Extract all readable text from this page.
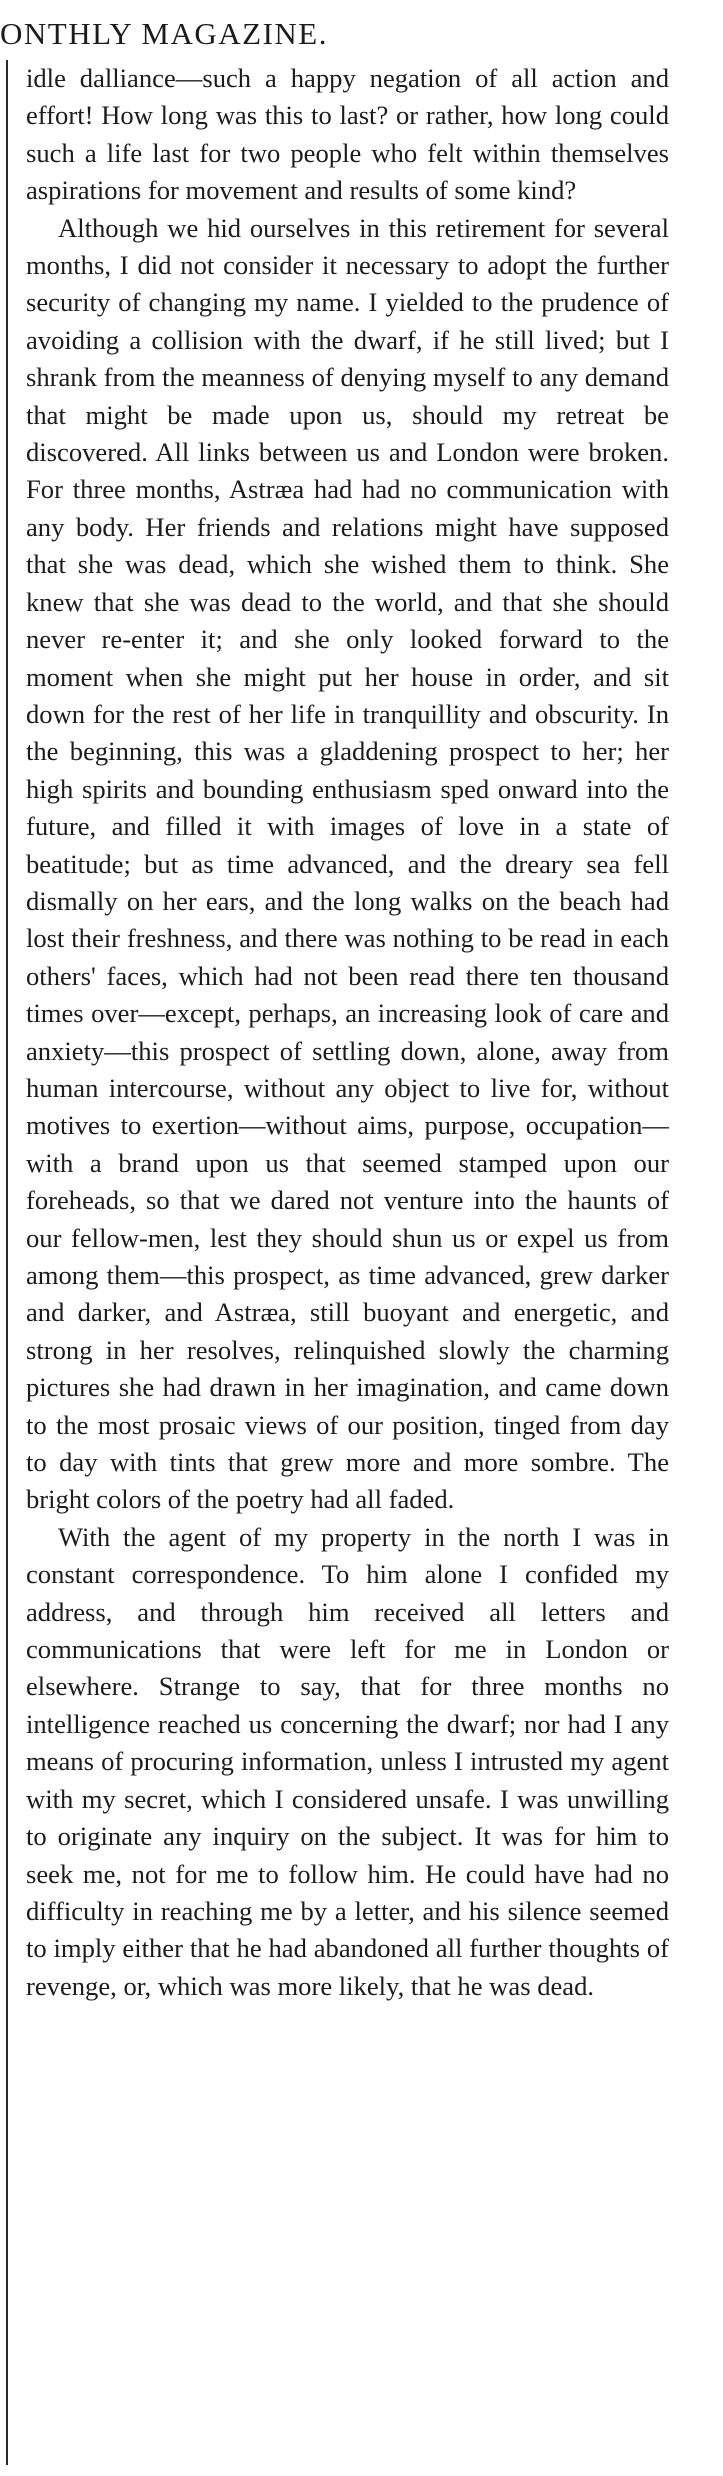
ONTHLY MAGAZINE.

idle dalliance—such a happy negation of all action and effort! How long was this to last? or rather, how long could such a life last for two people who felt within themselves aspirations for movement and results of some kind?

Although we hid ourselves in this retirement for several months, I did not consider it necessary to adopt the further security of changing my name. I yielded to the prudence of avoiding a collision with the dwarf, if he still lived; but I shrank from the meanness of denying myself to any demand that might be made upon us, should my retreat be discovered. All links between us and London were broken. For three months, Astræa had had no communication with any body. Her friends and relations might have supposed that she was dead, which she wished them to think. She knew that she was dead to the world, and that she should never re-enter it; and she only looked forward to the moment when she might put her house in order, and sit down for the rest of her life in tranquillity and obscurity. In the beginning, this was a gladdening prospect to her; her high spirits and bounding enthusiasm sped onward into the future, and filled it with images of love in a state of beatitude; but as time advanced, and the dreary sea fell dismally on her ears, and the long walks on the beach had lost their freshness, and there was nothing to be read in each others' faces, which had not been read there ten thousand times over—except, perhaps, an increasing look of care and anxiety—this prospect of settling down, alone, away from human intercourse, without any object to live for, without motives to exertion—without aims, purpose, occupation—with a brand upon us that seemed stamped upon our foreheads, so that we dared not venture into the haunts of our fellow-men, lest they should shun us or expel us from among them—this prospect, as time advanced, grew darker and darker, and Astræa, still buoyant and energetic, and strong in her resolves, relinquished slowly the charming pictures she had drawn in her imagination, and came down to the most prosaic views of our position, tinged from day to day with tints that grew more and more sombre. The bright colors of the poetry had all faded.

With the agent of my property in the north I was in constant correspondence. To him alone I confided my address, and through him received all letters and communications that were left for me in London or elsewhere. Strange to say, that for three months no intelligence reached us concerning the dwarf; nor had I any means of procuring information, unless I intrusted my agent with my secret, which I considered unsafe. I was unwilling to originate any inquiry on the subject. It was for him to seek me, not for me to follow him. He could have had no difficulty in reaching me by a letter, and his silence seemed to imply either that he had abandoned all further thoughts of revenge, or, which was more likely, that he was dead.
